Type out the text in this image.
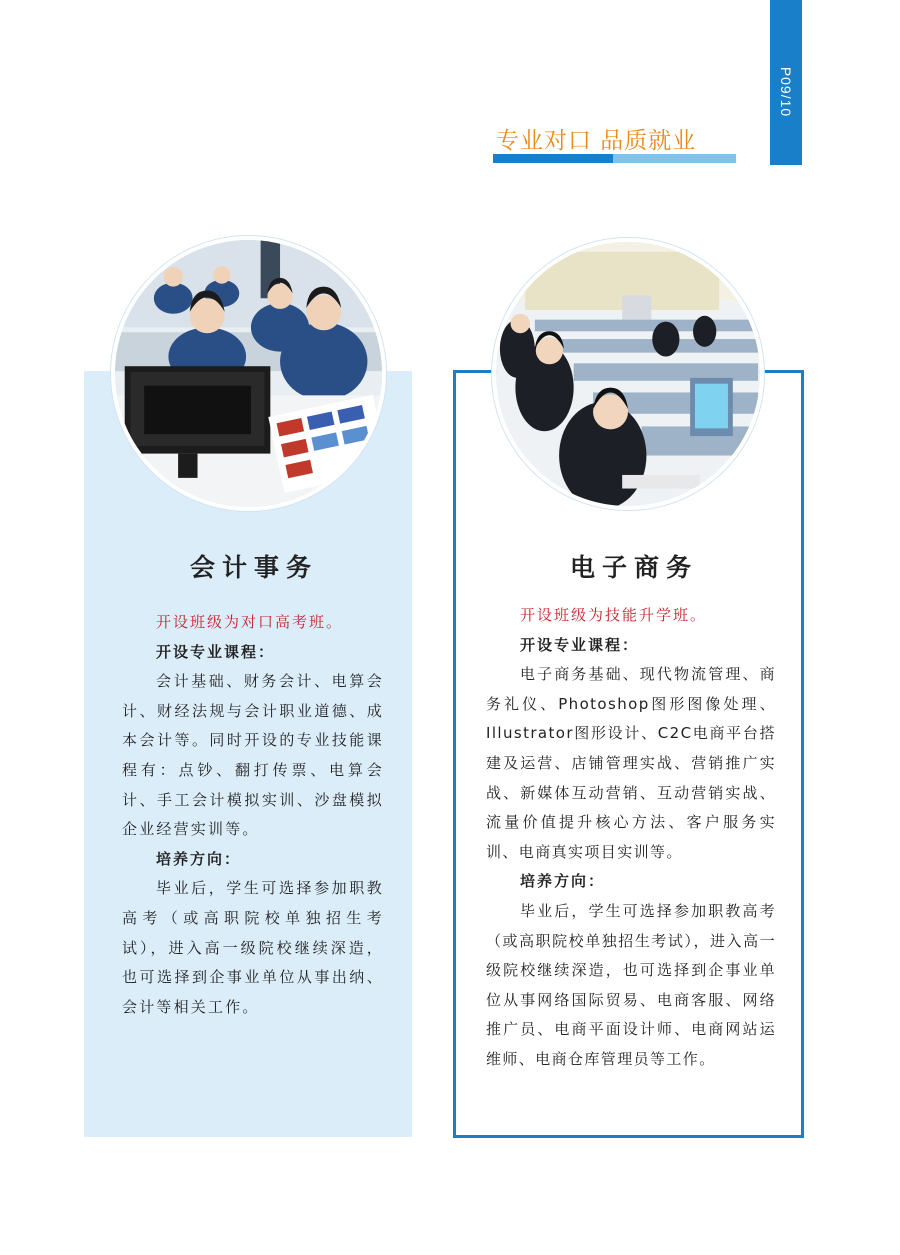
P09/10
专业对口 品质就业
会计事务	电子商务

开设班级为对口高考班。

开设专业课程：

会计基础、财务会计、电算会计、财经法规与会计职业道德、成本会计等。同时开设的专业技能课程有：点钞、翻打传票、电算会计、手工会计模拟实训、沙盘模拟企业经营实训等。

培养方向：

毕业后，学生可选择参加职教高考（或高职院校单独招生考试），进入高一级院校继续深造，也可选择到企事业单位从事出纳、会计等相关工作。

开设班级为技能升学班。

开设专业课程：

电子商务基础、现代物流管理、商务礼仪、Photoshop图形图像处理、Illustrator图形设计、C2C电商平台搭建及运营、店铺管理实战、营销推广实战、新媒体互动营销、互动营销实战、流量价值提升核心方法、客户服务实训、电商真实项目实训等。

培养方向：

毕业后，学生可选择参加职教高考（或高职院校单独招生考试），进入高一级院校继续深造，也可选择到企事业单位从事网络国际贸易、电商客服、网络推广员、电商平面设计师、电商网站运维师、电商仓库管理员等工作。
